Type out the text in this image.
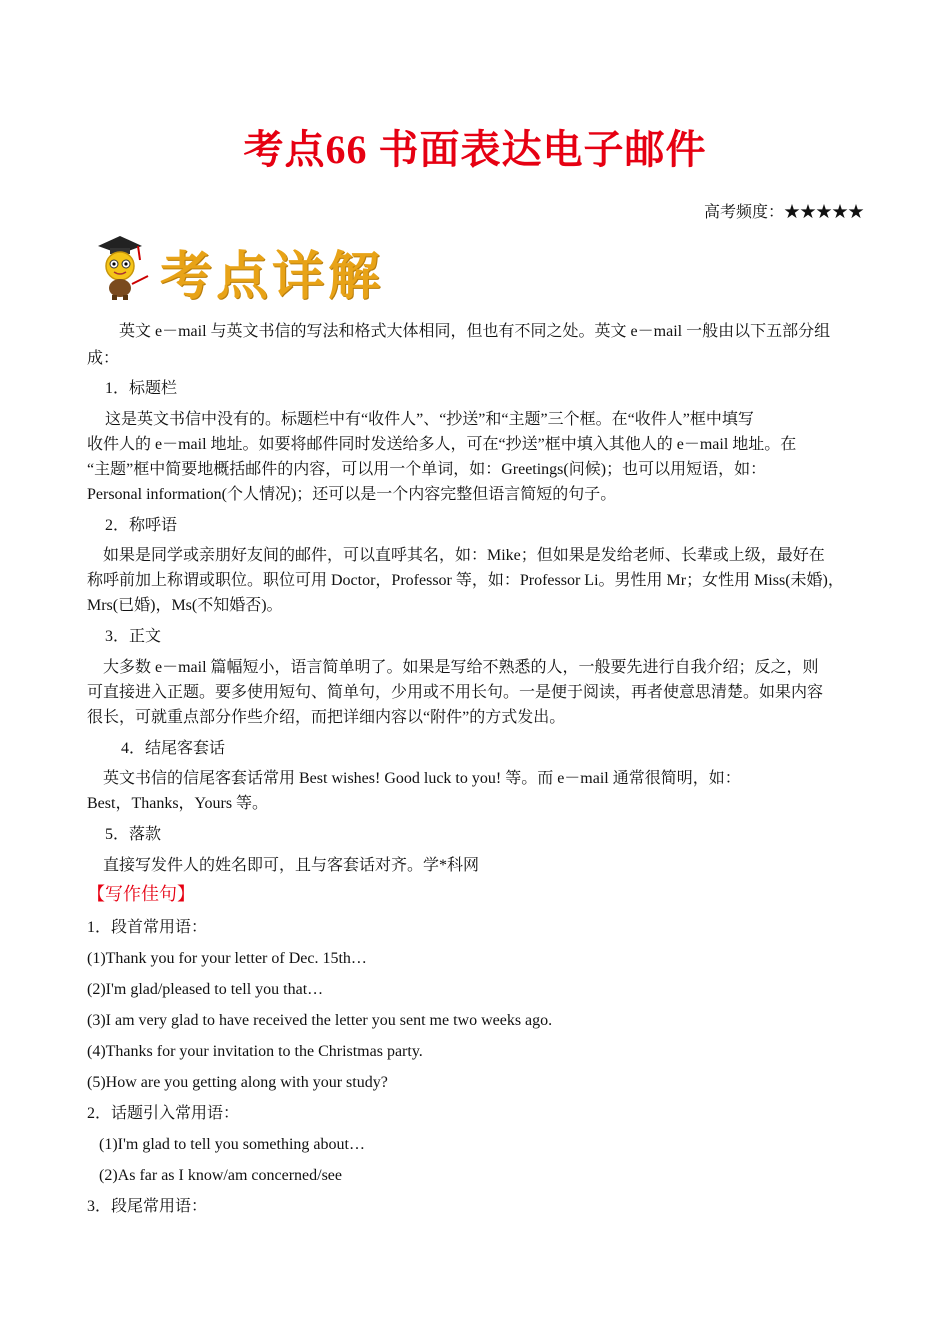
考点66 书面表达电子邮件
高考频度：★★★★★
考点详解
英文 e－mail 与英文书信的写法和格式大体相同，但也有不同之处。英文 e－mail 一般由以下五部分组
成：
1．标题栏
这是英文书信中没有的。标题栏中有“收件人”、“抄送”和“主题”三个框。在“收件人”框中填写
收件人的 e－mail 地址。如要将邮件同时发送给多人，可在“抄送”框中填入其他人的 e－mail 地址。在
“主题”框中简要地概括邮件的内容，可以用一个单词，如：Greetings(问候)；也可以用短语，如：
Personal information(个人情况)；还可以是一个内容完整但语言简短的句子。
2．称呼语
如果是同学或亲朋好友间的邮件，可以直呼其名，如：Mike；但如果是发给老师、长辈或上级，最好在
称呼前加上称谓或职位。职位可用 Doctor，Professor 等，如：Professor Li。男性用 Mr；女性用 Miss(未婚)，
Mrs(已婚)，Ms(不知婚否)。
3．正文
大多数 e－mail 篇幅短小，语言简单明了。如果是写给不熟悉的人，一般要先进行自我介绍；反之，则
可直接进入正题。要多使用短句、简单句，少用或不用长句。一是便于阅读，再者使意思清楚。如果内容
很长，可就重点部分作些介绍，而把详细内容以“附件”的方式发出。
4．结尾客套话
英文书信的信尾客套话常用 Best wishes! Good luck to you! 等。而 e－mail 通常很简明，如：
Best，Thanks，Yours 等。
5．落款
直接写发件人的姓名即可，且与客套话对齐。学*科网
【写作佳句】
1．段首常用语：
(1)Thank you for your letter of Dec. 15th…
(2)I'm glad/pleased to tell you that…
(3)I am very glad to have received the letter you sent me two weeks ago.
(4)Thanks for your invitation to the Christmas party.
(5)How are you getting along with your study?
2．话题引入常用语：
(1)I'm glad to tell you something about…
(2)As far as I know/am concerned/see
3．段尾常用语：
